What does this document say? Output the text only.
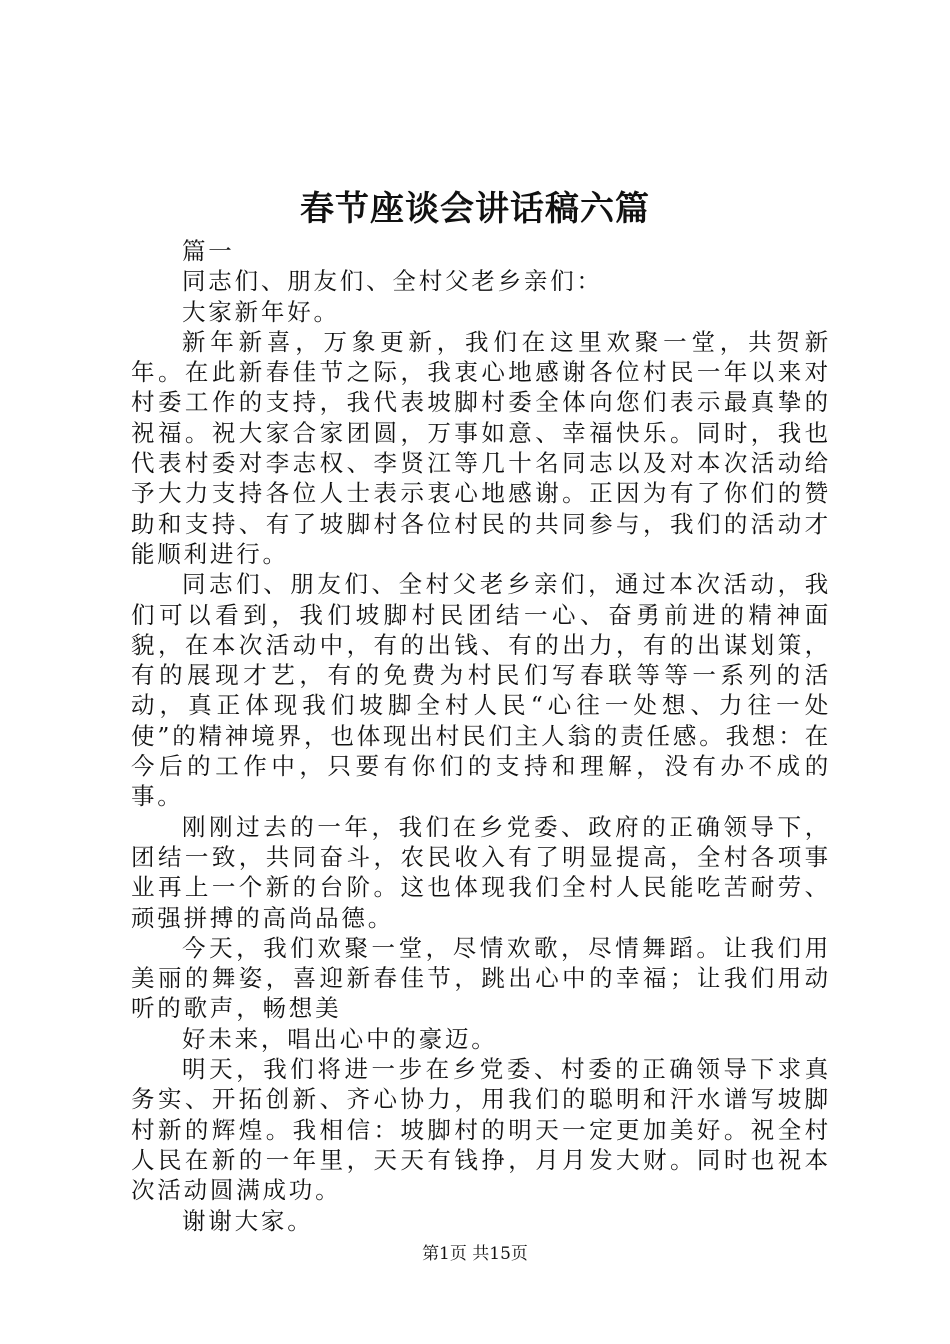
春节座谈会讲话稿六篇

篇一

同志们、朋友们、全村父老乡亲们：

大家新年好。

新年新喜，万象更新，我们在这里欢聚一堂，共贺新年。在此新春佳节之际，我衷心地感谢各位村民一年以来对村委工作的支持，我代表坡脚村委全体向您们表示最真挚的祝福。祝大家合家团圆，万事如意、幸福快乐。同时，我也代表村委对李志权、李贤江等几十名同志以及对本次活动给予大力支持各位人士表示衷心地感谢。正因为有了你们的赞助和支持、有了坡脚村各位村民的共同参与，我们的活动才能顺利进行。

同志们、朋友们、全村父老乡亲们，通过本次活动，我们可以看到，我们坡脚村民团结一心、奋勇前进的精神面貌，在本次活动中，有的出钱、有的出力，有的出谋划策，有的展现才艺，有的免费为村民们写春联等等一系列的活动，真正体现我们坡脚全村人民“心往一处想、力往一处使”的精神境界，也体现出村民们主人翁的责任感。我想：在今后的工作中，只要有你们的支持和理解，没有办不成的事。

刚刚过去的一年，我们在乡党委、政府的正确领导下，团结一致，共同奋斗，农民收入有了明显提高，全村各项事业再上一个新的台阶。这也体现我们全村人民能吃苦耐劳、顽强拼搏的高尚品德。

今天，我们欢聚一堂，尽情欢歌，尽情舞蹈。让我们用美丽的舞姿，喜迎新春佳节，跳出心中的幸福；让我们用动听的歌声，畅想美

好未来，唱出心中的豪迈。

明天，我们将进一步在乡党委、村委的正确领导下求真务实、开拓创新、齐心协力，用我们的聪明和汗水谱写坡脚村新的辉煌。我相信：坡脚村的明天一定更加美好。祝全村人民在新的一年里，天天有钱挣，月月发大财。同时也祝本次活动圆满成功。

谢谢大家。

第1页 共15页
